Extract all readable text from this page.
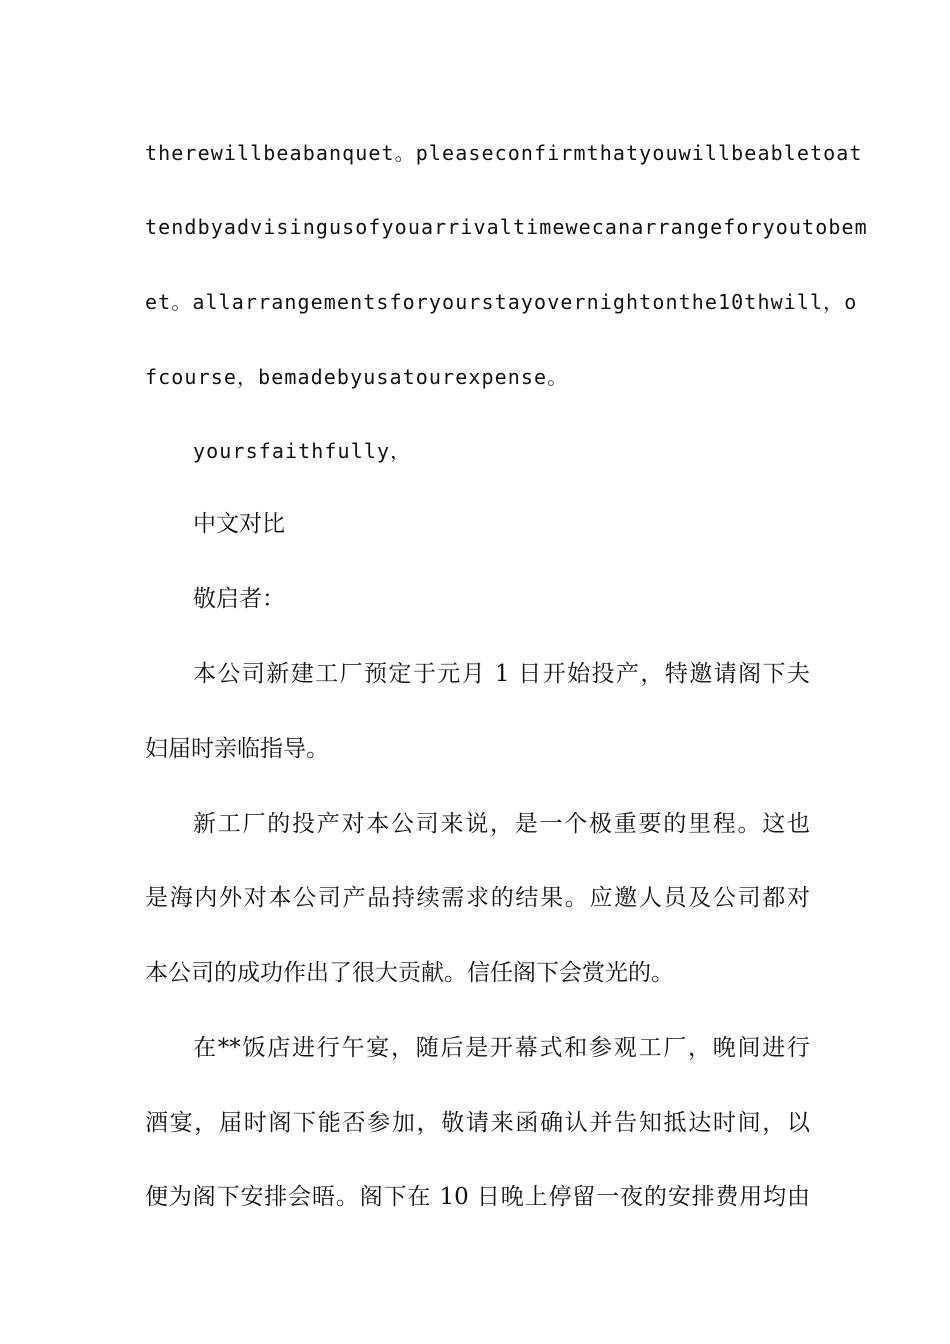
therewillbeabanquet。pleaseconfirmthatyouwillbeabletoat
tendbyadvisingusofyouarrivaltimewecanarrangeforyoutobem
et。allarrangementsforyourstayovernightonthe10thwill，o
fcourse，bemadebyusatourexpense。
yoursfaithfully，
中文对比
敬启者：
本公司新建工厂预定于元月 1 日开始投产，特邀请阁下夫
妇届时亲临指导。
新工厂的投产对本公司来说，是一个极重要的里程。这也
是海内外对本公司产品持续需求的结果。应邀人员及公司都对
本公司的成功作出了很大贡献。信任阁下会赏光的。
在**饭店进行午宴，随后是开幕式和参观工厂，晚间进行
酒宴，届时阁下能否参加，敬请来函确认并告知抵达时间，以
便为阁下安排会晤。阁下在 10 日晚上停留一夜的安排费用均由
